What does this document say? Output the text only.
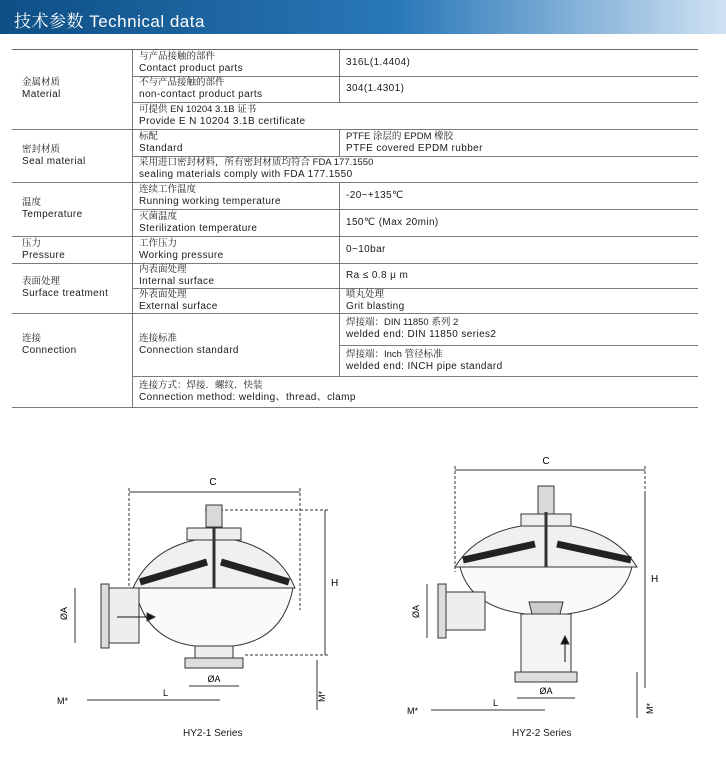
技术参数 Technical data
金属材质
Material	与产品接触的部件
Contact product parts	316L(1.4404)

	不与产品接触的部件
non-contact product parts	304(1.4301)

	可提供 EN 10204 3.1B 证书
Provide E N 10204 3.1B certificate	

密封材质
Seal material	标配
Standard	PTFE 涂层的 EPDM 橡胶
PTFE covered EPDM rubber

	采用进口密封材料，所有密封材质均符合 FDA 177.1550
sealing materials comply with FDA 177.1550	

温度
Temperature	连续工作温度
Running working temperature	-20~+135℃

	灭菌温度
Sterilization temperature	150℃ (Max 20min)

压力
Pressure	工作压力
Working pressure	0~10bar

表面处理
Surface treatment	内表面处理
Internal surface	Ra ≤ 0.8 μ m

	外表面处理
External surface	喷丸处理
Grit blasting

连接
Connection	连接标准
Connection standard	焊接端：DIN 11850 系列 2
welded end: DIN 11850 series2

		焊接端：Inch 管径标准
welded end: INCH pipe standard

	连接方式：焊接．螺纹．快装
Connection method: welding、thread、clamp	
C
H
ØA
ØA
L
M*	M*
HY2-1 Series
C
H
ØA
ØA
L
M*	M*
HY2-2 Series
